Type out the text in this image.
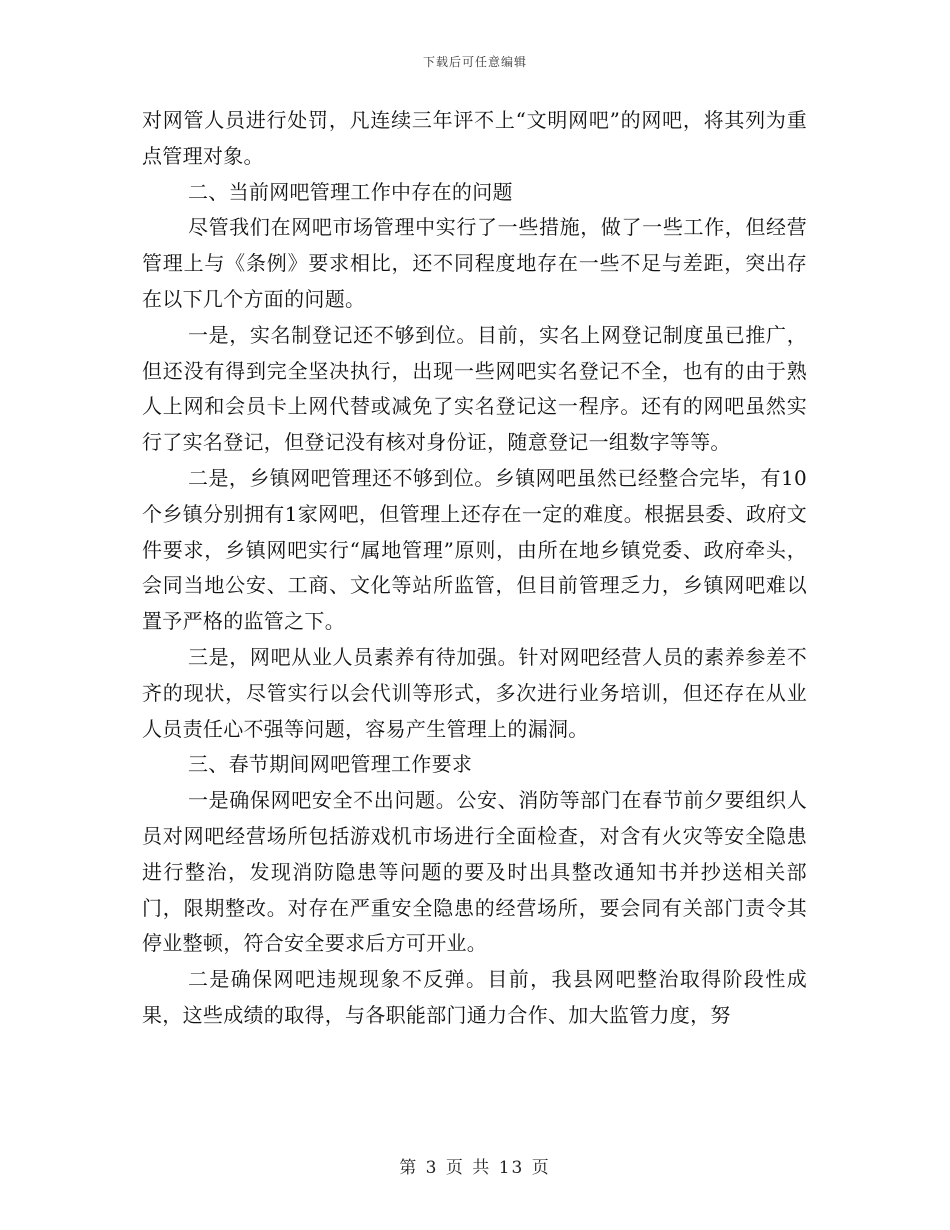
下载后可任意编辑

对网管人员进行处罚，凡连续三年评不上“文明网吧”的网吧，将其列为重点管理对象。

二、当前网吧管理工作中存在的问题

尽管我们在网吧市场管理中实行了一些措施，做了一些工作，但经营管理上与《条例》要求相比，还不同程度地存在一些不足与差距，突出存在以下几个方面的问题。

一是，实名制登记还不够到位。目前，实名上网登记制度虽已推广，但还没有得到完全坚决执行，出现一些网吧实名登记不全，也有的由于熟人上网和会员卡上网代替或减免了实名登记这一程序。还有的网吧虽然实行了实名登记，但登记没有核对身份证，随意登记一组数字等等。

二是，乡镇网吧管理还不够到位。乡镇网吧虽然已经整合完毕，有10个乡镇分别拥有1家网吧，但管理上还存在一定的难度。根据县委、政府文件要求，乡镇网吧实行“属地管理”原则，由所在地乡镇党委、政府牵头，会同当地公安、工商、文化等站所监管，但目前管理乏力，乡镇网吧难以置予严格的监管之下。

三是，网吧从业人员素养有待加强。针对网吧经营人员的素养参差不齐的现状，尽管实行以会代训等形式，多次进行业务培训，但还存在从业人员责任心不强等问题，容易产生管理上的漏洞。

三、春节期间网吧管理工作要求

一是确保网吧安全不出问题。公安、消防等部门在春节前夕要组织人员对网吧经营场所包括游戏机市场进行全面检查，对含有火灾等安全隐患进行整治，发现消防隐患等问题的要及时出具整改通知书并抄送相关部门，限期整改。对存在严重安全隐患的经营场所，要会同有关部门责令其停业整顿，符合安全要求后方可开业。

二是确保网吧违规现象不反弹。目前，我县网吧整治取得阶段性成果，这些成绩的取得，与各职能部门通力合作、加大监管力度，努

第 3 页 共 13 页
